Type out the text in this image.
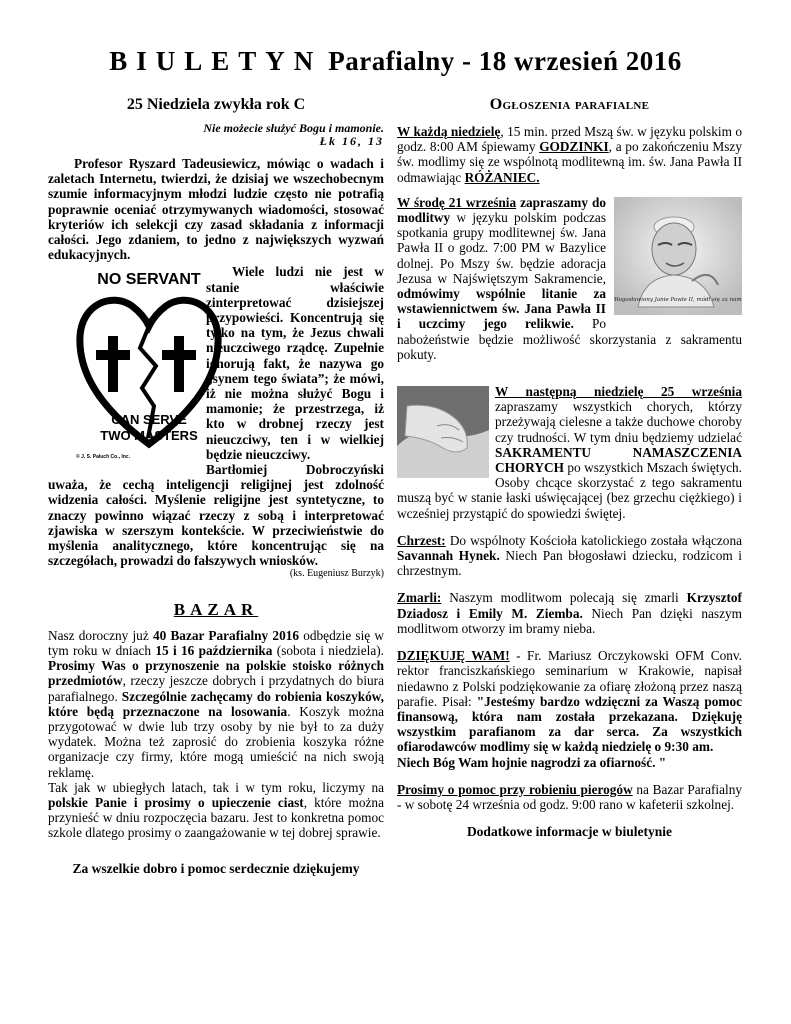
BIULETYN Parafialny - 18 wrzesień 2016
25 Niedziela zwykła rok C

Nie możecie służyć Bogu i mamonie.

Łk 16, 13

Profesor Ryszard Tadeusiewicz, mówiąc o wadach i zaletach Internetu, twierdzi, że dzisiaj we wszechobecnym szumie informacyjnym młodzi ludzie często nie potrafią poprawnie oceniać otrzymywanych wiadomości, stosować kryteriów ich selekcji czy zasad składania z informacji całości. Jego zdaniem, to jedno z największych wyzwań edukacyjnych.

NO SERVANT
CAN SERVE
TWO MASTERS
© J. S. Paluch Co., Inc.
Wiele ludzi nie jest w stanie właściwie zinterpretować dzisiejszej przypowieści. Koncentrują się tylko na tym, że Jezus chwali nieuczciwego rządcę. Zupełnie ignorują fakt, że nazywa go „synem tego świata”; że mówi, iż nie można służyć Bogu i mamonie; że przestrzega, iż kto w drobnej rzeczy jest nieuczciwy, ten i w wielkiej będzie nieuczciwy.
Bartłomiej Dobroczyński uważa, że cechą inteligencji religijnej jest zdolność widzenia całości. Myślenie religijne jest syntetyczne, to znaczy powinno wiązać rzeczy z sobą i interpretować zjawiska w szerszym kontekście. W przeciwieństwie do myślenia analitycznego, które koncentrując się na szczegółach, prowadzi do fałszywych wniosków.

(ks. Eugeniusz Burzyk)

BAZAR

Nasz doroczny już 40 Bazar Parafialny 2016 odbędzie się w tym roku w dniach 15 i 16 października (sobota i niedziela). Prosimy Was o przynoszenie na polskie stoisko różnych przedmiotów, rzeczy jeszcze dobrych i przydatnych do biura parafialnego. Szczególnie zachęcamy do robienia koszyków, które będą przeznaczone na losowania. Koszyk można przygotować w dwie lub trzy osoby by nie był to za duży wydatek. Można też zaprosić do zrobienia koszyka różne organizacje czy firmy, które mogą umieścić na nich swoją reklamę.

Tak jak w ubiegłych latach, tak i w tym roku, liczymy na polskie Panie i prosimy o upieczenie ciast, które można przynieść w dniu rozpoczęcia bazaru. Jest to konkretna pomoc szkole dlatego prosimy o zaangażowanie w tej dobrej sprawie.

Za wszelkie dobro i pomoc serdecznie dziękujemy
Ogłoszenia parafialne

W każdą niedzielę, 15 min. przed Mszą św. w języku polskim o godz. 8:00 AM śpiewamy GODZINKI, a po zakończeniu Mszy św. modlimy się ze wspólnotą modlitewną im. św. Jana Pawła II odmawiając RÓŻANIEC.

Błogosławiony Janie Pawle II, módl się za nami
W środę 21 września zapraszamy do modlitwy w języku polskim podczas spotkania grupy modlitewnej św. Jana Pawła II o godz. 7:00 PM w Bazylice dolnej. Po Mszy św. będzie adoracja Jezusa w Najświętszym Sakramencie, odmówimy wspólnie litanie za wstawiennictwem św. Jana Pawła II i uczcimy jego relikwie. Po nabożeństwie będzie możliwość skorzystania z sakramentu pokuty.

W następną niedzielę 25 września zapraszamy wszystkich chorych, którzy przeżywają cielesne a także duchowe choroby czy trudności. W tym dniu będziemy udzielać SAKRAMENTU NAMASZCZENIA CHORYCH po wszystkich Mszach świętych. Osoby chcące skorzystać z tego sakramentu muszą być w stanie łaski uświęcającej (bez grzechu ciężkiego) i wcześniej przystąpić do spowiedzi świętej.

Chrzest: Do wspólnoty Kościoła katolickiego została włączona Savannah Hynek. Niech Pan błogosławi dziecku, rodzicom i chrzestnym.

Zmarli: Naszym modlitwom polecają się zmarli Krzysztof Dziadosz i Emily M. Ziemba. Niech Pan dzięki naszym modlitwom otworzy im bramy nieba.

DZIĘKUJĘ WAM! - Fr. Mariusz Orczykowski OFM Conv. rektor franciszkańskiego seminarium w Krakowie, napisał niedawno z Polski podziękowanie za ofiarę złożoną przez naszą parafie. Pisał: "Jesteśmy bardzo wdzięczni za Waszą pomoc finansową, która nam została przekazana. Dziękuję wszystkim parafianom za dar serca. Za wszystkich ofiarodawców modlimy się w każdą niedzielę o 9:30 am.
Niech Bóg Wam hojnie nagrodzi za ofiarność. "

Prosimy o pomoc przy robieniu pierogów na Bazar Parafialny - w sobotę 24 września od godz. 9:00 rano w kafeterii szkolnej.

Dodatkowe informacje w biuletynie
